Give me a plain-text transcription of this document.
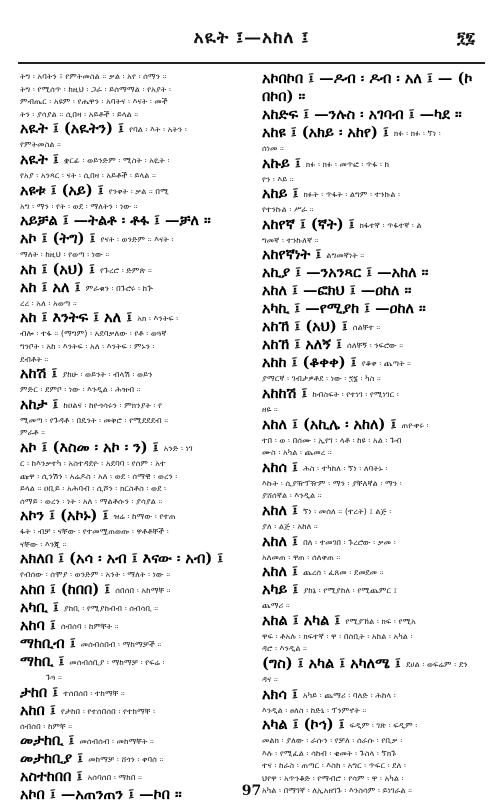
አዪት ፤—አከለ ፤	፺፯
ትግ ፡ አባትን ፣ የምትመስል ። ቃል ፡ አየ ፡ ሰማን ።
ትግ ፡ የሚሰጥ ፡ ከዚህ ፡ ጋራ ፡ ይሰማማል ፡ የአያት ፡
ምብጤር ፡ አዩም ፡ የሔዋን ፡ አባትና ፡ እናት ፡ መች
ትን ፡ ያሳያል ። ሲበዛ ፡ አይቶች ፡ ይላል ።
አዪት ፤ (አዪትን) ፤ የባል ፡ እት ፡ አትን ፡
የምትመስል ።
አዪት ፤ ቋርፊ ፡ ወይንድም ፡ ሚስት ፡ አዪት ፡
የአያ ፡ አንጻር ፡ ናት ፡ ሲበዛ ፡ አይቶች ፡ ይላል ።
አዩቱ ፤ (አይ) ፤ የንቀት ፡ ቃል ። በሚ
አግ ፡ ማን ፡ የት ፡ ወደ ፡ ማለትን ፡ ነው ።
አይቻል ፤ —ትልቶ ፡ ቶፋ ፤ —ቻለ ።
አኮ ፤ (ትግ) ፤ የናት ፡ ወንድም ። እናት ፡
ማለት ፡ ከዚህ ፡ የወጣ ፡ ነው ።
አከ ፤ (አህ) ፤ የጉረሮ ፡ ድምጽ ።
አከ ፤ አለ ፤ ምራቁን ፡ በጉሮሩ ፡ ከጕ
ረረ ፡ አለ ፡ አወጣ ።
አከ ፤ እንትፍ ፤ አለ ፤ አክ ፡ እንትፍ ፡
ብሎ ፡ ተፋ ። (ማግም) ፡ አደባቃለው ፡ የቶ ፡ ወጓኛ
ግንቦት ፡ አከ ፡ እንትፍ ፡ አለ ፡ እንትፍ ፡ ምኑን ፡
ደብቶት ።
አከሽ ፤ ያከሁ ፡ ወይንት ፡ ብላሽ ፡ ወይን
ምድር ፡ ደምቦ ፡ ነው ፡ እንዲል ፡ ሕዝብ ።
አከታ ፤ ከዐልና ፡ ከዮጎሳሩን ፡ ምክንያት ፡ የ
ሚመጣ ፡ የጉዳቶ ፡ በዴንት ፡ መቅሮ ፡ የሚደደደብ ።
ምራቶ ።
አኮ ፤ (እስመ ፡ አኮ ፡ ን) ፤ አንድ ፡ ነገ
ር ፡ ከእንቃተካ ፡ አስተዳደዮ ፡ አደባባ ፡ የሰም ፡ አተ
ጩዋ ፡ ሲንሽን ፡ አሬዶስ ፡ አለ ፡ ወደ ፡ ሰማዊ ፡ ወረን ፡
ይላል ። ዐቢይ ፡ አሕባብ ፡ ሲሾን ፡ ክርስቶስ ፡ ወደ ፡
ሰማይ ፡ ወረን ፡ ነት ፡ አለ ፡ ማልቶሱን ፡ ያሳያል ።
አኮን ፤ (አኮኑ) ፤ ዝሬ ፡ ከማው ፡ የተጠ
ፋት ፡ ብቻ ፡ ናቸው ፡ የተመሟጠወጡ ፡ ዋቶቶቸች ፡
ናቸው ፡ እንጂ ።
አክለበ ፤ (አሳ ፡ አብ ፤ እናው ፡ አብ) ፤
የብሰው ፡ ሰሞያ ፡ ወንድም ፡ አንት ፡ ማለት ፡ ነው ።
አከበ ፤ (ከበበ) ፤ ሰበሰበ ፡ አከማቸ ።
አካቢ ፤ ያከቢ ፡ የሚያከብብ ፡ ሰብሳቢ ።
አከባ ፤ ሰብሰባ ፡ ከምቸት ።
ማከቢብ ፤ መሰብሰበብ ፡ ማከማቻች ።
ማከቢ ፤ መሰብሰቢያ ፡ ማከማቻ ፡ የፍሬ ፡
ጉጓ ።
ታከበ ፤ ተሰበሰበ ፡ ተከማቸ ።
አከበ ፤ የታከበ ፡ የተሰበሰበ ፡ የተከማቸ ፡
ሰብሰበ ፡ ከምቸ ።
መታከቢ ፤ መሰብሰብ ፡ መከማቸት ።
መታከቢያ ፤ መከማቻ ፡ ሸጎን ፡ ቀባሰ ።
አስተከበበ ፤ አሰባሰበ ፡ ማከበ ።
አኮበ ፤ —አጠንጠን ፤ —ኮበ ።
አኮበኮበ ፤ —ዶብ ፡ ዶብ ፡ አለ ፤ — (ኮ
በኮበ) ።
አከድፍ ፤ —ንሉስ ፡ አገባብ ፤ —ካደ ።
አከዩ ፤ (አክይ ፡ አከየ) ፤ ክፉ ፡ ክፉ ፡ ኘነ ፡
ሰነመ ።
አኩይ ፤ ክፉ ፡ ክፉ ፡ መጥፎ ፡ ጥፋ ፡ ከ
የን ፡ እይ ።
አከይ ፤ ክፉት ፡ ጥፋት ፡ ልግም ፡ ተንኩል ፡
የተንኩል ፡ ሥራ ።
አከየኛ ፤ (ኛት) ፤ ክፋተኛ ፡ ጥፋተኛ ፡ ል
ግመኛ ፡ ተንኩለኛ ።
አከየኛነት ፤ ልግመኛነት ።
አኪያ ፤ —ንአንጻር ፤ —አከለ ።
አከለ ፤ —ፎክህ ፤ —ዐከለ ።
አካኪ ፤ —የሚያከ ፤ —ዐከለ ።
አከኸ ፤ (አህ) ፤ ሰልቸተ ።
አከኸ ፤ አለኝ ፤ ሰለቸኝ ፡ ንፍሮው ።
አከከ ፤ (ቆቀቀ) ፤ የቆቀ ፡ ጨጣት ።
ያማርኛ ፡ ገብታዎቶደ ፡ ነው ፡ ፺፮ ፡ ካስ ።
አከከሽ ፤ ከብስፍት ፡ የተነገ ፡ የሚነገር ፡
ዘዬ ።
አከለ ፤ (አኪሌ ፡ አከለ) ፤ ጠዮቀሩ ፡
ተበ ፡ ወ ፡ በሰሙ ፡ ኢየገ ፡ ላቶ ፡ ከዩ ፡ አል ፡ ጉብ
ሙስ ፡ አካል ፡ ጨመረ ።
አከሰ ፤ ሕስ ፡ ተካከለ ፡ ኘነ ፡ ለባትኑ ፡
እኩት ፡ ሲያዥፕዥም ፡ ማን ፡ ያቸለኛል ፡ ማን ፡
ያሸሰኛል ፡ እንዲል ።
አከለ ፤ ኘነ ፡ መሰለ ። (ተረት) ፤ ልጅ ፡
ያለ ፡ ልጅ ፡ አከለ ።
አከለ ፤ በለ ፡ ተመገበ ፡ ጉረሮው ፡ ቃመ ፡
አለመጠ ፡ ዋጠ ፡ ሰለቀጠ ።
አከለ ፤ ጨረሰ ፡ ፈጸመ ፡ ደመደመ ።
አካይ ፤ ያከኔ ፡ የሚያከለ ፡ የሚጨምር ፤
ጨማሪ ።
አከል ፤ አካል ፤ የሚያኸል ፡ ክፍ ፡ የሚአ
ዋፍ ፡ ቶአሉ ፡ ክፍተኛ ፡ ዋ ፡ በሰቢት ፡ አከል ፡ አካል ፡
ዳሮ ፡ እንዲል ።
(ግስ) ፤ አካል ፤ አካለሜ ፤ ደሀል ፡ ወፍሬም ፡ ደን
ዳና ።
አክሳ ፤ አካይ ፡ ጨማሪ ፡ ባለድ ፡ ሕከላ ፡
እንዲል ፡ ፀለስ ፡ ከድኒ ፡ ፕንምኖት ።
አካል ፤ (ኮኅ) ፤ ፍዲም ፡ ገጽ ፡ ፍዲም ፡
መልክ ፡ ያለው ፡ ራሱን ፡ የቻለ ፡ ሰራሱ ፡ የቢቃ ፡
እሉ ፡ የሚፈል ፡ ሳከብ ፡ ቂመት ፡ ጉስላ ፡ ኘክጉ
ተና ፡ ከራስ ፡ ጠጣር ፡ እስከ ፡ አግር ፡ ጥፍር ፡ ደለ ፡
ህየዋ ፡ አጥንቆድ ፡ የማብሮ ፡ የሳም ፡ ዋ ፡ አካል ፡
አካል ፡ በማገኛ ፡ ለኢአዘገጉ ፡ እንስሳም ፡ ይነገራል ።
97
